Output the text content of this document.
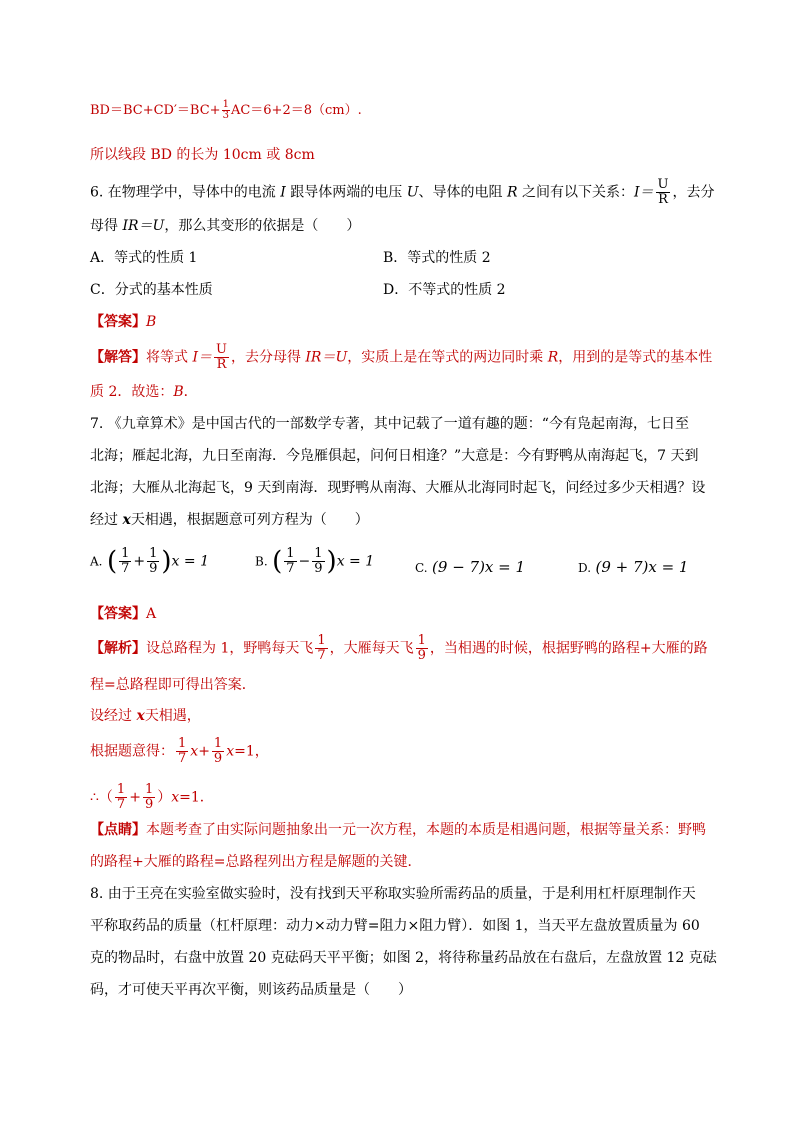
$BD=BC+CD'=BC+ \frac{1}{3} AC=6+2=8(cm)$.
所以线段 BD 的长为 10cm 或 8cm
6. 在物理学中，导体中的电流 I 跟导体两端的电压 U、导体的电阻 R 之间有以下关系：$I= \frac{U}{R}$ ，去分
母得 IR＝U，那么其变形的依据是（　　）
A．等式的性质 1	B．等式的性质 2
C．分式的基本性质	D．不等式的性质 2
【答案】B
【解答】将等式 $I= \frac{U}{R}$ ，去分母得 IR＝U，实质上是在等式的两边同时乘 R，用到的是等式的基本性
质 2．故选：B．
7. 《九章算术》是中国古代的一部数学专著，其中记载了一道有趣的题：“今有凫起南海，七日至
北海；雁起北海，九日至南海．今凫雁俱起，问何日相逢？”大意是：今有野鸭从南海起飞，7 天到
北海；大雁从北海起飞，9 天到南海．现野鸭从南海、大雁从北海同时起飞，问经过多少天相遇？设
经过 x天相遇，根据题意可列方程为（　　）
A. ( $\frac{1}{7} + \frac{1}{9} )x = 1$	B. ( $\frac{1}{7} - \frac{1}{9} )x = 1$	C. (9 − 7)x = 1	D. (9 + 7)x = 1
【答案】A
【解析】设总路程为 1，野鸭每天飞 $\frac{1}{7}$ ，大雁每天飞 $\frac{1}{9}$ ，当相遇的时候，根据野鸭的路程+大雁的路
程=总路程即可得出答案．
设经过 x天相遇，
根据题意得： $\frac{1}{7} x+ \frac{1}{9} x=1$，
∴（ $\frac{1}{7} + \frac{1}{9} )x=1$．
【点睛】本题考查了由实际问题抽象出一元一次方程，本题的本质是相遇问题，根据等量关系：野鸭
的路程+大雁的路程=总路程列出方程是解题的关键．
8. 由于王亮在实验室做实验时，没有找到天平称取实验所需药品的质量，于是利用杠杆原理制作天
平称取药品的质量（杠杆原理：动力×动力臂=阻力×阻力臂）．如图 1，当天平左盘放置质量为 60
克的物品时，右盘中放置 20 克砝码天平平衡；如图 2，将待称量药品放在右盘后，左盘放置 12 克砝
码，才可使天平再次平衡，则该药品质量是（　　）
